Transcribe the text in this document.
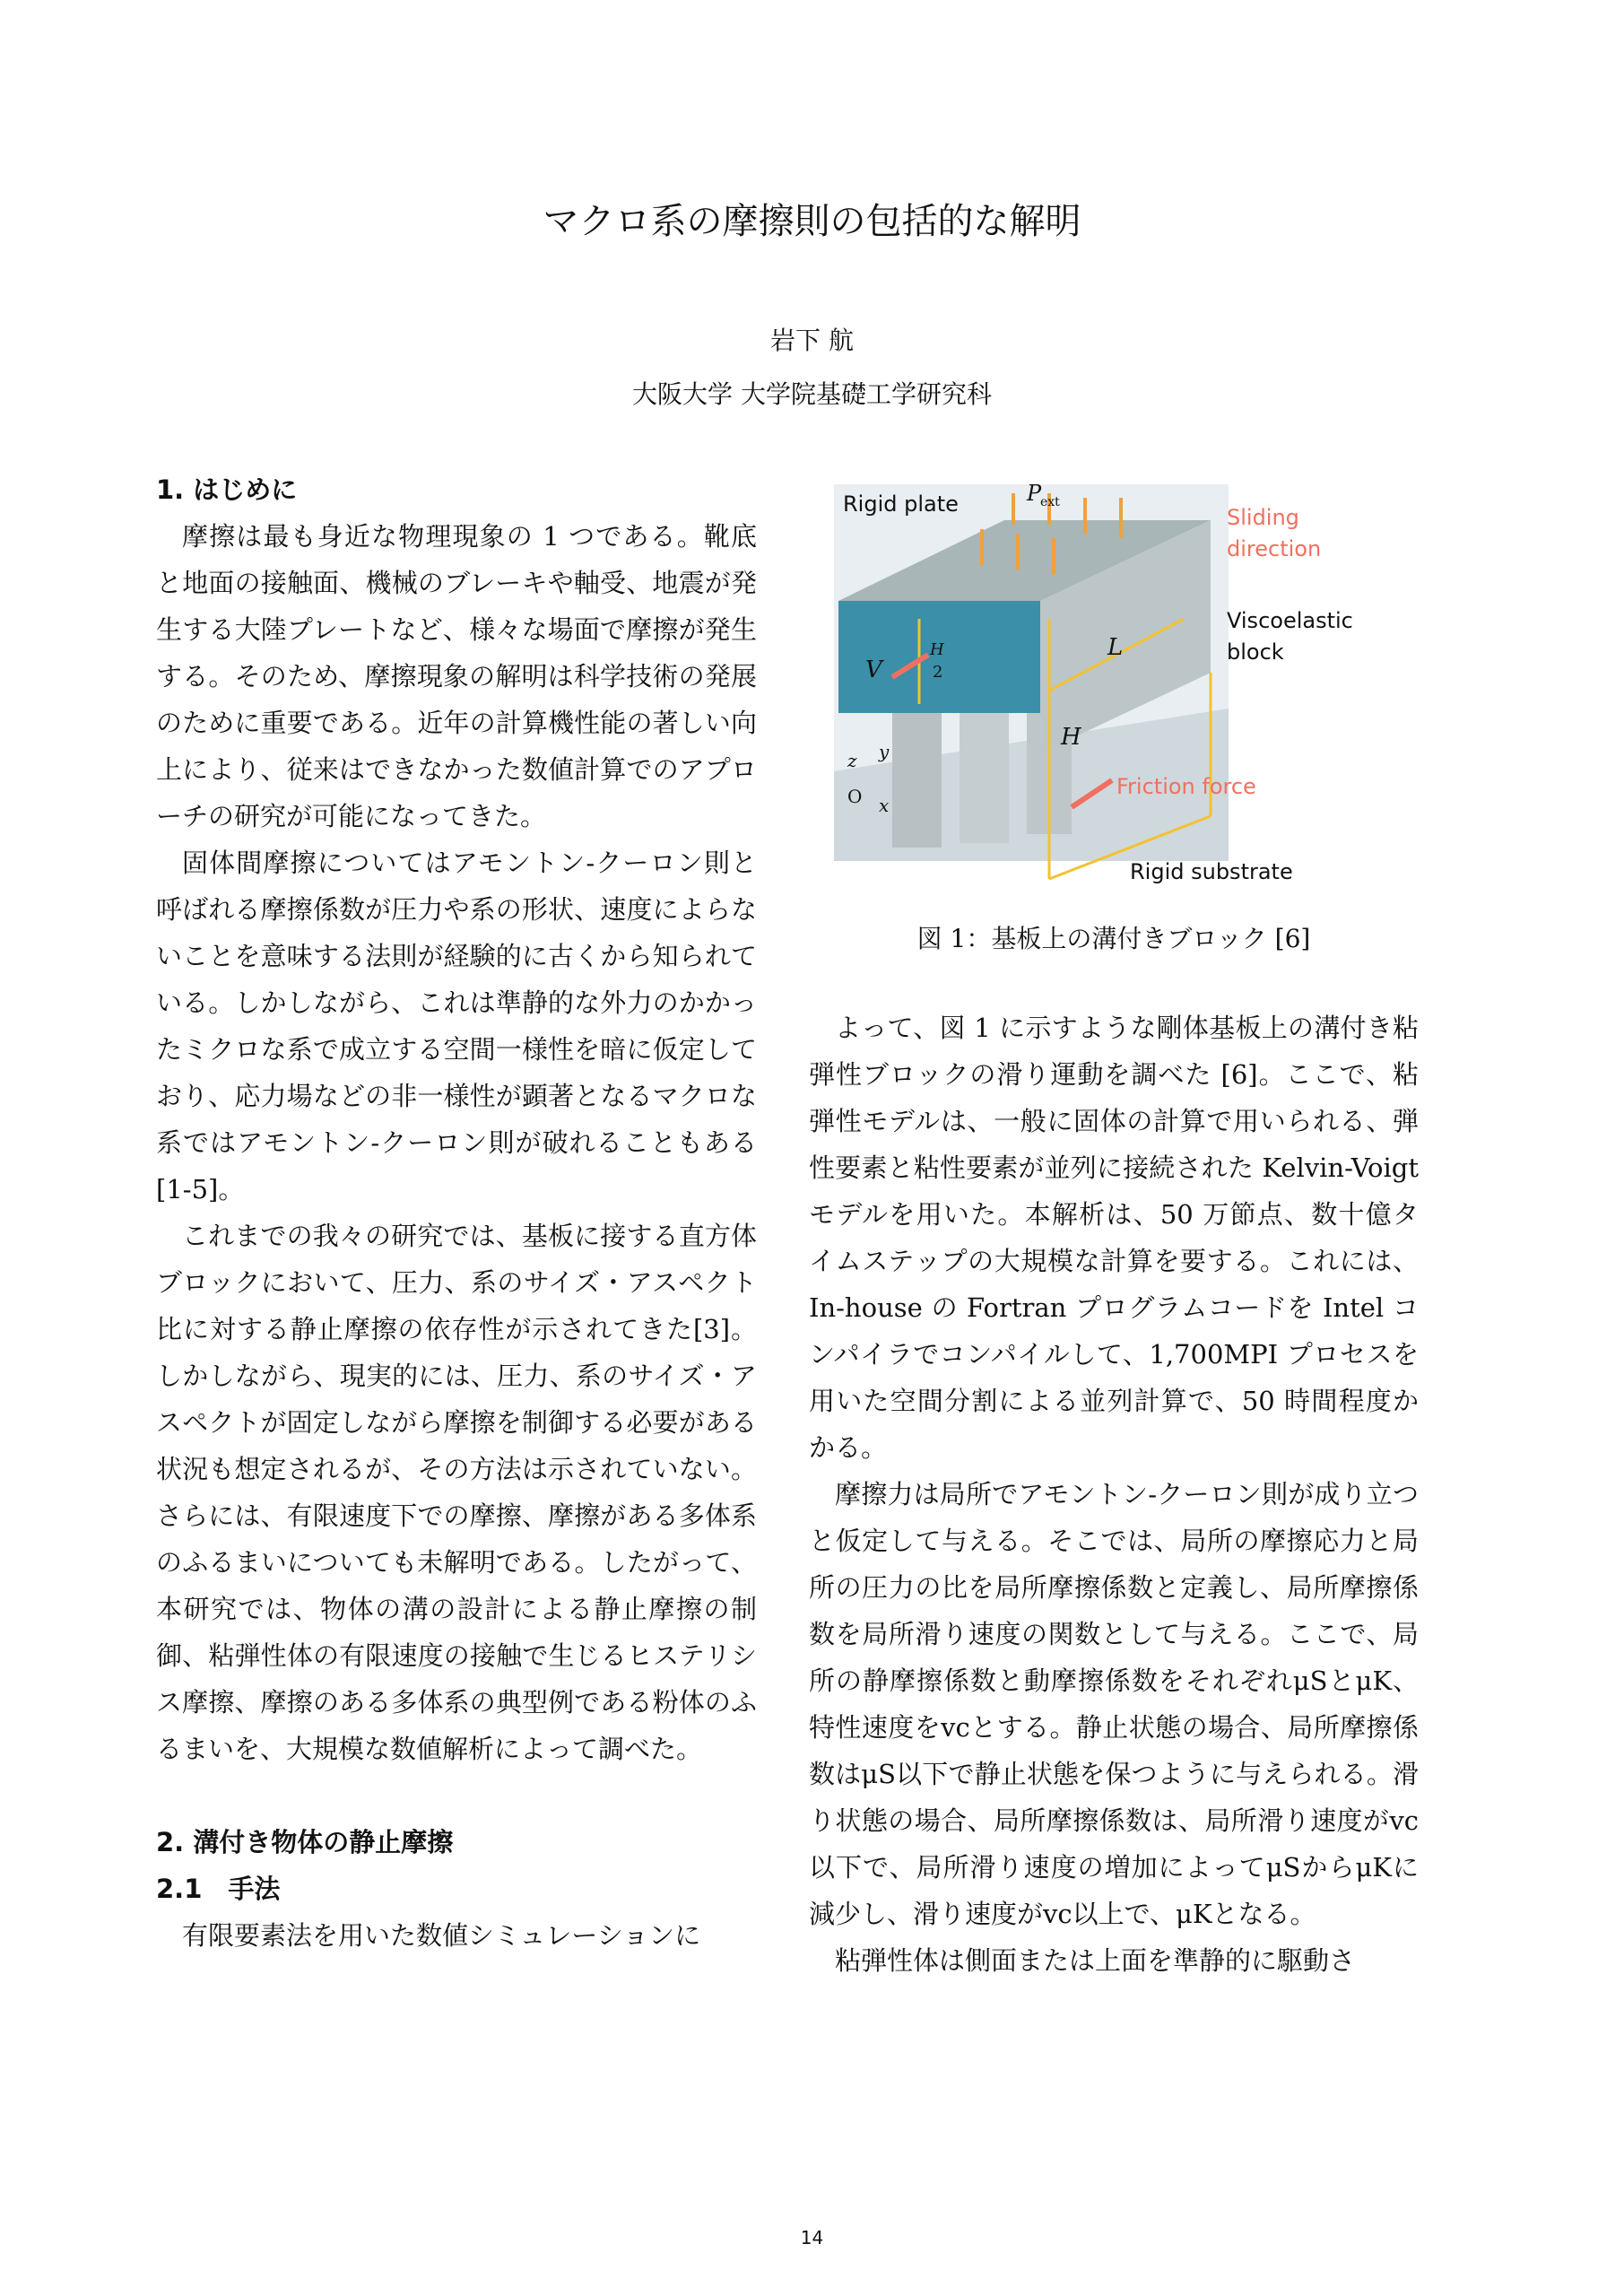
マクロ系の摩擦則の包括的な解明
岩下 航
大阪大学 大学院基礎工学研究科
1. はじめに

摩擦は最も身近な物理現象の 1 つである。靴底と地面の接触面、機械のブレーキや軸受、地震が発生する大陸プレートなど、様々な場面で摩擦が発生する。そのため、摩擦現象の解明は科学技術の発展のために重要である。近年の計算機性能の著しい向上により、従来はできなかった数値計算でのアプローチの研究が可能になってきた。

固体間摩擦についてはアモントン-クーロン則と呼ばれる摩擦係数が圧力や系の形状、速度によらないことを意味する法則が経験的に古くから知られている。しかしながら、これは準静的な外力のかかったミクロな系で成立する空間一様性を暗に仮定しており、応力場などの非一様性が顕著となるマクロな系ではアモントン-クーロン則が破れることもある[1-5]。

これまでの我々の研究では、基板に接する直方体ブロックにおいて、圧力、系のサイズ・アスペクト比に対する静止摩擦の依存性が示されてきた[3]。しかしながら、現実的には、圧力、系のサイズ・アスペクトが固定しながら摩擦を制御する必要がある状況も想定されるが、その方法は示されていない。さらには、有限速度下での摩擦、摩擦がある多体系のふるまいについても未解明である。したがって、本研究では、物体の溝の設計による静止摩擦の制御、粘弾性体の有限速度の接触で生じるヒステリシス摩擦、摩擦のある多体系の典型例である粉体のふるまいを、大規模な数値解析によって調べた。

2. 溝付き物体の静止摩擦
2.1　手法

有限要素法を用いた数値シミュレーションに

Rigid plate	P
ext
Sliding
direction
Viscoelastic
block
L
H
H
2
V
Friction force
Rigid substrate
z y
x
O
図 1：基板上の溝付きブロック [6]

よって、図 1 に示すような剛体基板上の溝付き粘弾性ブロックの滑り運動を調べた [6]。ここで、粘弾性モデルは、一般に固体の計算で用いられる、弾性要素と粘性要素が並列に接続された Kelvin-Voigt モデルを用いた。本解析は、50 万節点、数十億タイムステップの大規模な計算を要する。これには、In-house の Fortran プログラムコードを Intel コンパイラでコンパイルして、1,700MPI プロセスを用いた空間分割による並列計算で、50 時間程度かかる。

摩擦力は局所でアモントン-クーロン則が成り立つと仮定して与える。そこでは、局所の摩擦応力と局所の圧力の比を局所摩擦係数と定義し、局所摩擦係数を局所滑り速度の関数として与える。ここで、局所の静摩擦係数と動摩擦係数をそれぞれμSとμK、特性速度をvcとする。静止状態の場合、局所摩擦係数はμS以下で静止状態を保つように与えられる。滑り状態の場合、局所摩擦係数は、局所滑り速度がvc以下で、局所滑り速度の増加によってμSからμKに減少し、滑り速度がvc以上で、μKとなる。

粘弾性体は側面または上面を準静的に駆動さ

14
